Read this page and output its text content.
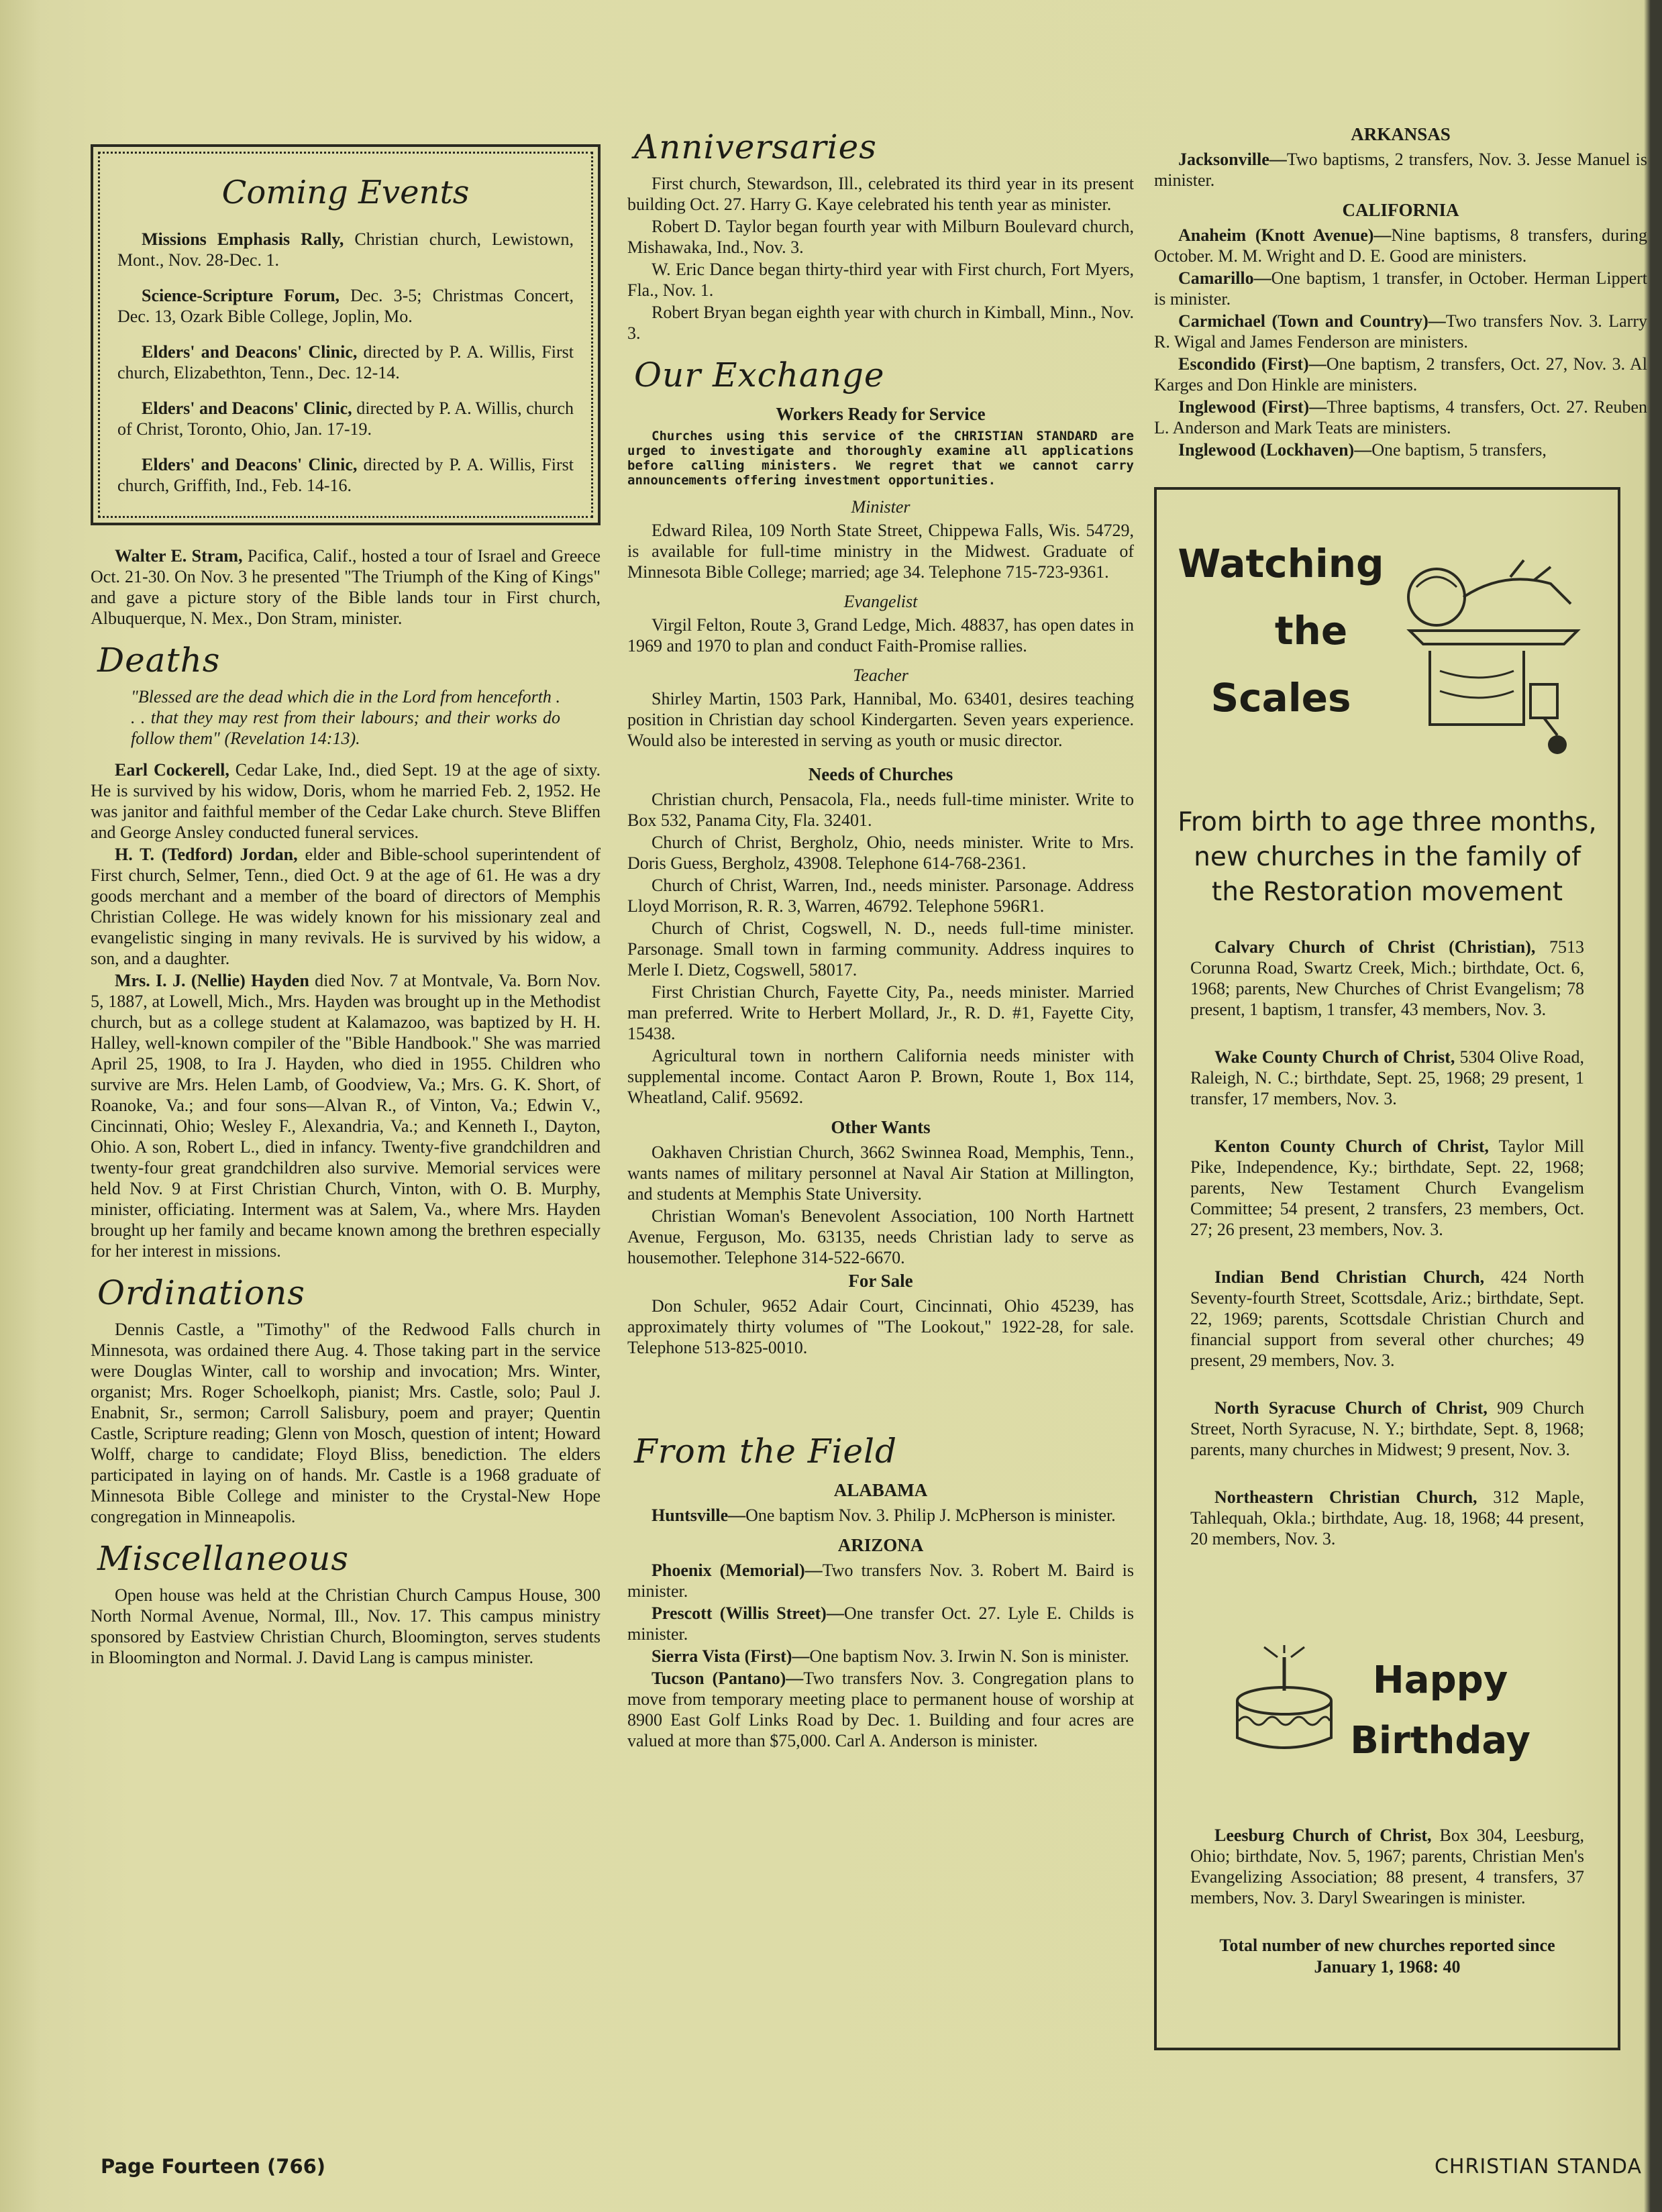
Coming Events

Missions Emphasis Rally, Christian church, Lewistown, Mont., Nov. 28-Dec. 1.

Science-Scripture Forum, Dec. 3-5; Christmas Concert, Dec. 13, Ozark Bible College, Joplin, Mo.

Elders' and Deacons' Clinic, directed by P. A. Willis, First church, Elizabethton, Tenn., Dec. 12-14.

Elders' and Deacons' Clinic, directed by P. A. Willis, church of Christ, Toronto, Ohio, Jan. 17-19.

Elders' and Deacons' Clinic, directed by P. A. Willis, First church, Griffith, Ind., Feb. 14-16.

Walter E. Stram, Pacifica, Calif., hosted a tour of Israel and Greece Oct. 21-30. On Nov. 3 he presented "The Triumph of the King of Kings" and gave a picture story of the Bible lands tour in First church, Albuquerque, N. Mex., Don Stram, minister.

Deaths

"Blessed are the dead which die in the Lord from henceforth . . . that they may rest from their labours; and their works do follow them" (Revelation 14:13).

Earl Cockerell, Cedar Lake, Ind., died Sept. 19 at the age of sixty. He is survived by his widow, Doris, whom he married Feb. 2, 1952. He was janitor and faithful member of the Cedar Lake church. Steve Bliffen and George Ansley conducted funeral services.

H. T. (Tedford) Jordan, elder and Bible-school superintendent of First church, Selmer, Tenn., died Oct. 9 at the age of 61. He was a dry goods merchant and a member of the board of directors of Memphis Christian College. He was widely known for his missionary zeal and evangelistic singing in many revivals. He is survived by his widow, a son, and a daughter.

Mrs. I. J. (Nellie) Hayden died Nov. 7 at Montvale, Va. Born Nov. 5, 1887, at Lowell, Mich., Mrs. Hayden was brought up in the Methodist church, but as a college student at Kalamazoo, was baptized by H. H. Halley, well-known compiler of the "Bible Handbook." She was married April 25, 1908, to Ira J. Hayden, who died in 1955. Children who survive are Mrs. Helen Lamb, of Goodview, Va.; Mrs. G. K. Short, of Roanoke, Va.; and four sons—Alvan R., of Vinton, Va.; Edwin V., Cincinnati, Ohio; Wesley F., Alexandria, Va.; and Kenneth I., Dayton, Ohio. A son, Robert L., died in infancy. Twenty-five grandchildren and twenty-four great grandchildren also survive. Memorial services were held Nov. 9 at First Christian Church, Vinton, with O. B. Murphy, minister, officiating. Interment was at Salem, Va., where Mrs. Hayden brought up her family and became known among the brethren especially for her interest in missions.

Ordinations

Dennis Castle, a "Timothy" of the Redwood Falls church in Minnesota, was ordained there Aug. 4. Those taking part in the service were Douglas Winter, call to worship and invocation; Mrs. Winter, organist; Mrs. Roger Schoelkoph, pianist; Mrs. Castle, solo; Paul J. Enabnit, Sr., sermon; Carroll Salisbury, poem and prayer; Quentin Castle, Scripture reading; Glenn von Mosch, question of intent; Howard Wolff, charge to candidate; Floyd Bliss, benediction. The elders participated in laying on of hands. Mr. Castle is a 1968 graduate of Minnesota Bible College and minister to the Crystal-New Hope congregation in Minneapolis.

Miscellaneous

Open house was held at the Christian Church Campus House, 300 North Normal Avenue, Normal, Ill., Nov. 17. This campus ministry sponsored by Eastview Christian Church, Bloomington, serves students in Bloomington and Normal. J. David Lang is campus minister.

Anniversaries

First church, Stewardson, Ill., celebrated its third year in its present building Oct. 27. Harry G. Kaye celebrated his tenth year as minister.

Robert D. Taylor began fourth year with Milburn Boulevard church, Mishawaka, Ind., Nov. 3.

W. Eric Dance began thirty-third year with First church, Fort Myers, Fla., Nov. 1.

Robert Bryan began eighth year with church in Kimball, Minn., Nov. 3.

Our Exchange
Workers Ready for Service

Churches using this service of the CHRISTIAN STANDARD are urged to investigate and thoroughly examine all applications before calling ministers. We regret that we cannot carry announcements offering investment opportunities.

Minister

Edward Rilea, 109 North State Street, Chippewa Falls, Wis. 54729, is available for full-time ministry in the Midwest. Graduate of Minnesota Bible College; married; age 34. Telephone 715-723-9361.

Evangelist

Virgil Felton, Route 3, Grand Ledge, Mich. 48837, has open dates in 1969 and 1970 to plan and conduct Faith-Promise rallies.

Teacher

Shirley Martin, 1503 Park, Hannibal, Mo. 63401, desires teaching position in Christian day school Kindergarten. Seven years experience. Would also be interested in serving as youth or music director.

Needs of Churches

Christian church, Pensacola, Fla., needs full-time minister. Write to Box 532, Panama City, Fla. 32401.

Church of Christ, Bergholz, Ohio, needs minister. Write to Mrs. Doris Guess, Bergholz, 43908. Telephone 614-768-2361.

Church of Christ, Warren, Ind., needs minister. Parsonage. Address Lloyd Morrison, R. R. 3, Warren, 46792. Telephone 596R1.

Church of Christ, Cogswell, N. D., needs full-time minister. Parsonage. Small town in farming community. Address inquires to Merle I. Dietz, Cogswell, 58017.

First Christian Church, Fayette City, Pa., needs minister. Married man preferred. Write to Herbert Mollard, Jr., R. D. #1, Fayette City, 15438.

Agricultural town in northern California needs minister with supplemental income. Contact Aaron P. Brown, Route 1, Box 114, Wheatland, Calif. 95692.

Other Wants

Oakhaven Christian Church, 3662 Swinnea Road, Memphis, Tenn., wants names of military personnel at Naval Air Station at Millington, and students at Memphis State University.

Christian Woman's Benevolent Association, 100 North Hartnett Avenue, Ferguson, Mo. 63135, needs Christian lady to serve as housemother. Telephone 314-522-6670.

For Sale

Don Schuler, 9652 Adair Court, Cincinnati, Ohio 45239, has approximately thirty volumes of "The Lookout," 1922-28, for sale. Telephone 513-825-0010.

From the Field
ALABAMA

Huntsville—One baptism Nov. 3. Philip J. McPherson is minister.

ARIZONA

Phoenix (Memorial)—Two transfers Nov. 3. Robert M. Baird is minister.

Prescott (Willis Street)—One transfer Oct. 27. Lyle E. Childs is minister.

Sierra Vista (First)—One baptism Nov. 3. Irwin N. Son is minister.

Tucson (Pantano)—Two transfers Nov. 3. Congregation plans to move from temporary meeting place to permanent house of worship at 8900 East Golf Links Road by Dec. 1. Building and four acres are valued at more than $75,000. Carl A. Anderson is minister.

ARKANSAS

Jacksonville—Two baptisms, 2 transfers, Nov. 3. Jesse Manuel is minister.

CALIFORNIA

Anaheim (Knott Avenue)—Nine baptisms, 8 transfers, during October. M. M. Wright and D. E. Good are ministers.

Camarillo—One baptism, 1 transfer, in October. Herman Lippert is minister.

Carmichael (Town and Country)—Two transfers Nov. 3. Larry R. Wigal and James Fenderson are ministers.

Escondido (First)—One baptism, 2 transfers, Oct. 27, Nov. 3. Al Karges and Don Hinkle are ministers.

Inglewood (First)—Three baptisms, 4 transfers, Oct. 27. Reuben L. Anderson and Mark Teats are ministers.

Inglewood (Lockhaven)—One baptism, 5 transfers,

Watching
the
Scales
From birth to age three months, new churches in the family of the Restoration movement

Calvary Church of Christ (Christian), 7513 Corunna Road, Swartz Creek, Mich.; birthdate, Oct. 6, 1968; parents, New Churches of Christ Evangelism; 78 present, 1 baptism, 1 transfer, 43 members, Nov. 3.

Wake County Church of Christ, 5304 Olive Road, Raleigh, N. C.; birthdate, Sept. 25, 1968; 29 present, 1 transfer, 17 members, Nov. 3.

Kenton County Church of Christ, Taylor Mill Pike, Independence, Ky.; birthdate, Sept. 22, 1968; parents, New Testament Church Evangelism Committee; 54 present, 2 transfers, 23 members, Oct. 27; 26 present, 23 members, Nov. 3.

Indian Bend Christian Church, 424 North Seventy-fourth Street, Scottsdale, Ariz.; birthdate, Sept. 22, 1969; parents, Scottsdale Christian Church and financial support from several other churches; 49 present, 29 members, Nov. 3.

North Syracuse Church of Christ, 909 Church Street, North Syracuse, N. Y.; birthdate, Sept. 8, 1968; parents, many churches in Midwest; 9 present, Nov. 3.

Northeastern Christian Church, 312 Maple, Tahlequah, Okla.; birthdate, Aug. 18, 1968; 44 present, 20 members, Nov. 3.

Happy
Birthday

Leesburg Church of Christ, Box 304, Leesburg, Ohio; birthdate, Nov. 5, 1967; parents, Christian Men's Evangelizing Association; 88 present, 4 transfers, 37 members, Nov. 3. Daryl Swearingen is minister.

Total number of new churches reported since January 1, 1968: 40

Page Fourteen (766)	CHRISTIAN STANDA
